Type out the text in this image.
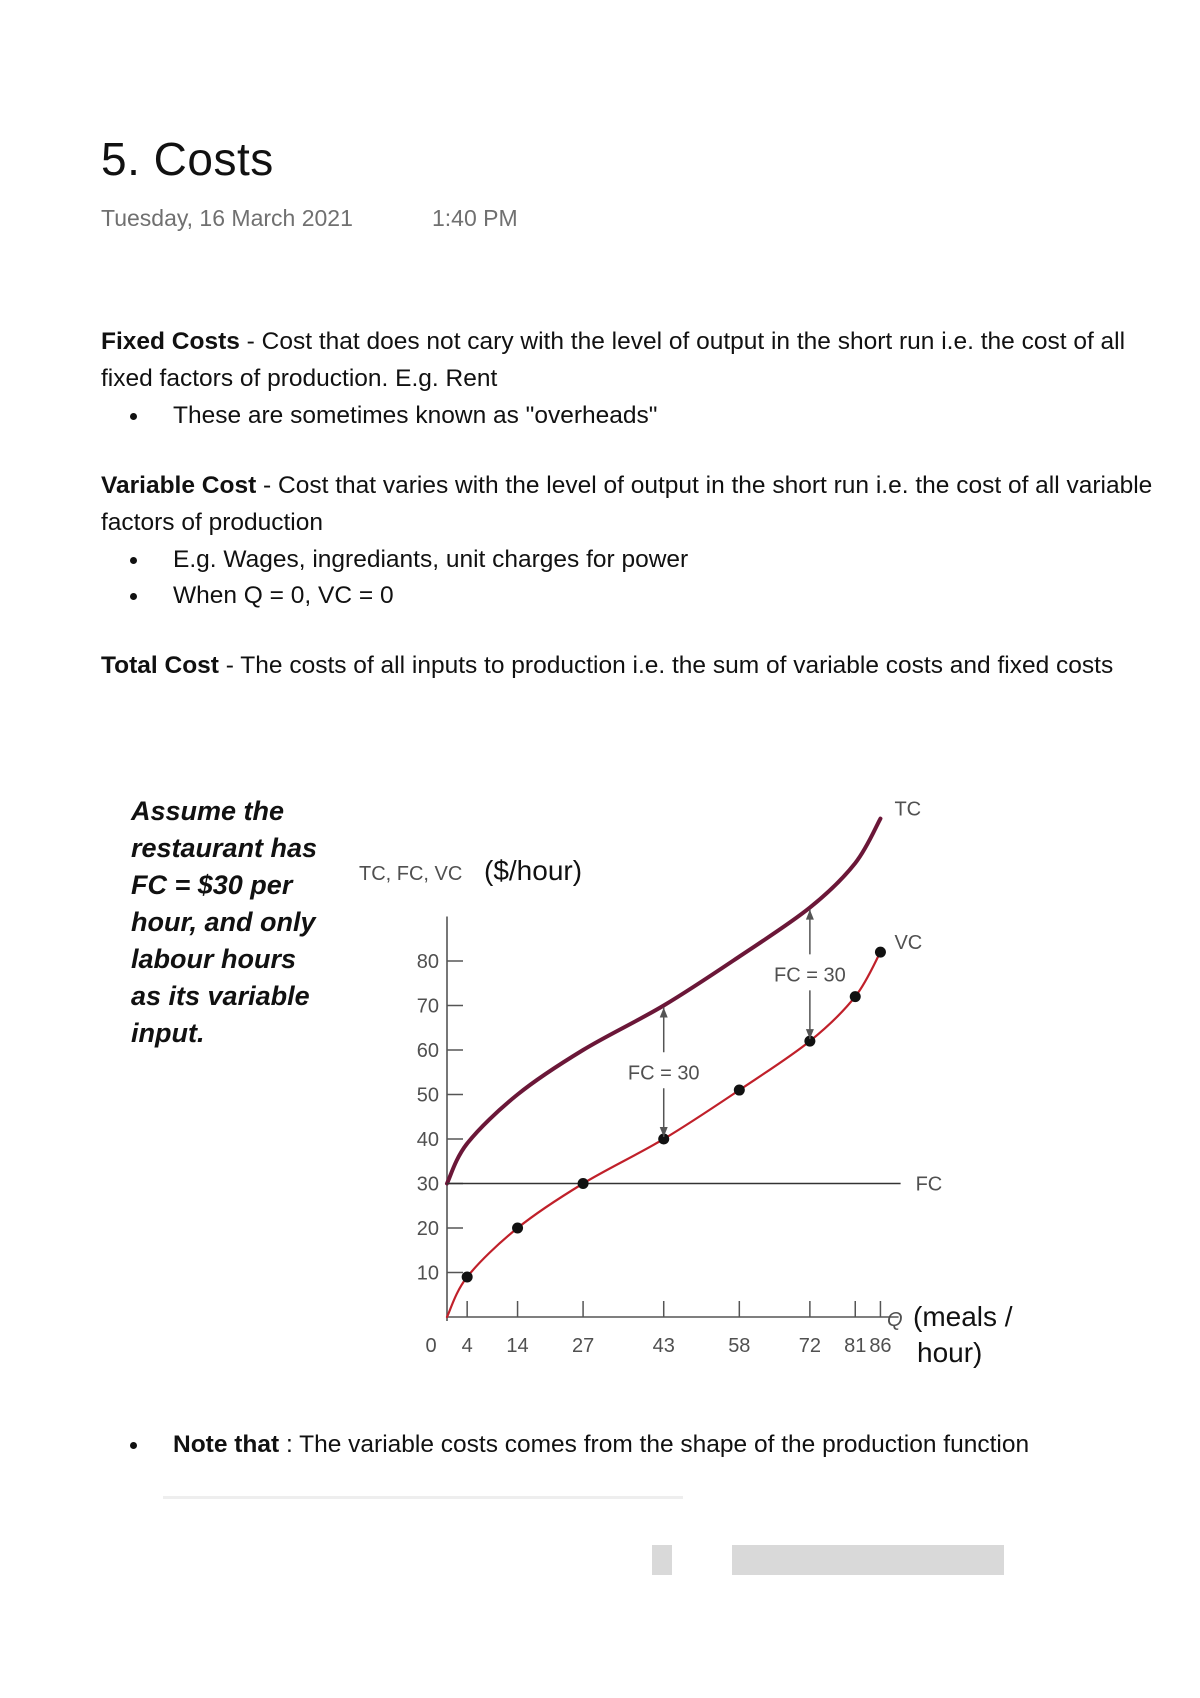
5. Costs
Tuesday, 16 March 2021	1:40 PM
Fixed Costs - Cost that does not cary with the level of output in the short run i.e. the cost of all fixed factors of production. E.g. Rent
These are sometimes known as "overheads"
Variable Cost - Cost that varies with the level of output in the short run i.e. the cost of all variable factors of production
E.g. Wages, ingrediants, unit charges for power
When Q = 0, VC = 0
Total Cost - The costs of all inputs to production i.e. the sum of variable costs and fixed costs
Assume the restaurant has FC = $30 per hour, and only labour hours as its variable input.
10
20
30
40
50
60
70
80
0 4 14 27	43	58 72 81 86
TC
VC
FC
FC = 30
FC = 30
TC, FC, VC ($/hour)
Q (meals /
hour)
Note that : The variable costs comes from the shape of the production function
